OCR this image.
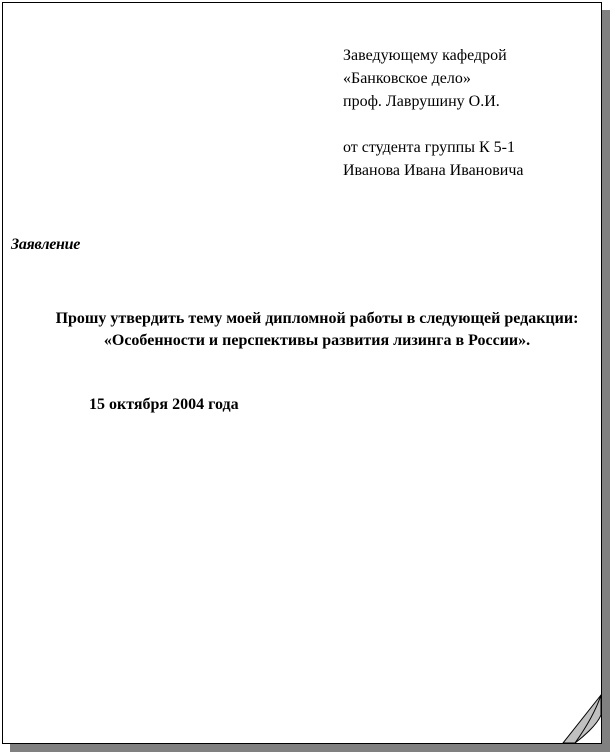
Заведующему кафедрой
«Банковское дело»
проф. Лаврушину О.И.
от студента группы К 5-1
Иванова Ивана Ивановича
Заявление
Прошу утвердить тему моей дипломной работы в следующей редакции: «Особенности и перспективы развития лизинга в России».
15 октября 2004 года
